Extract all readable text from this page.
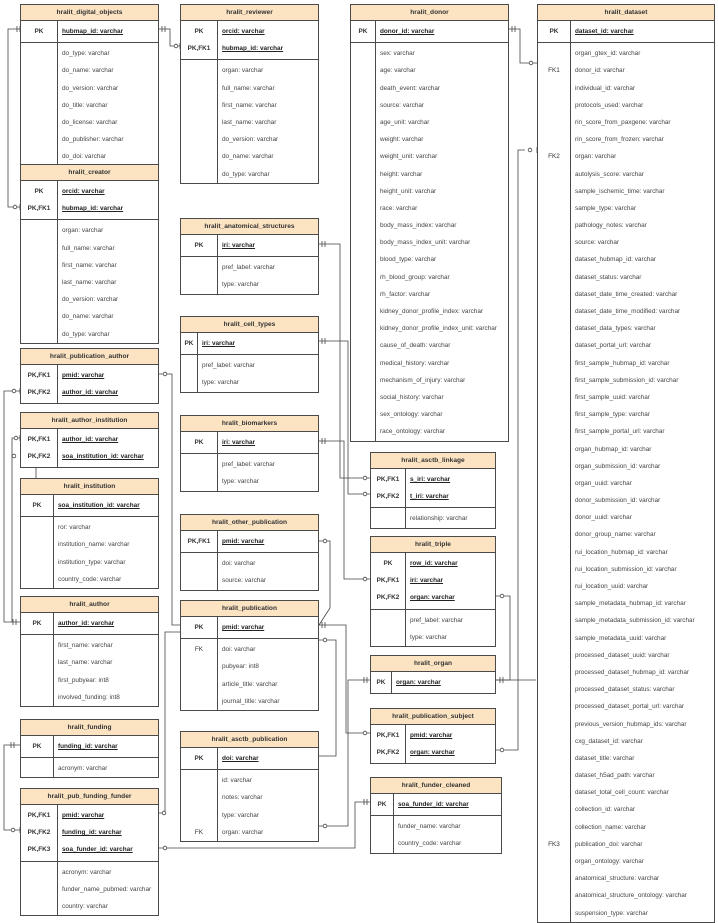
hralit_digital_objects
PK	hubmap_id: varchar
do_type: varchar
do_name: varchar
do_version: varchar
do_title: varchar
do_license: varchar
do_publisher: varchar
do_doi: varchar
hralit_creator
PK	orcid: varchar
PK,FK1	hubmap_id: varchar
organ: varchar
full_name: varchar
first_name: varchar
last_name: varchar
do_version: varchar
do_name: varchar
do_type: varchar
hralit_publication_author
PK,FK1	pmid: varchar
PK,FK2	author_id: varchar
hralit_author_institution
PK,FK1	author_id: varchar
PK,FK2	soa_institution_id: varchar
hralit_institution
PK	soa_institution_id: varchar
ror: varchar
institution_name: varchar
institution_type: varchar
country_code: varchar
hralit_author
PK	author_id: varchar
first_name: varchar
last_name: varchar
first_pubyear: int8
involved_funding: int8
hralit_funding
PK	funding_id: varchar
acronym: varchar
hralit_pub_funding_funder
PK,FK1	pmid: varchar
PK,FK2	funding_id: varchar
PK,FK3	soa_funder_id: varchar
acronym: varchar
funder_name_pubmed: varchar
country: varchar
hralit_reviewer
PK	orcid: varchar
PK,FK1	hubmap_id: varchar
organ: varchar
full_name: varchar
first_name: varchar
last_name: varchar
do_version: varchar
do_name: varchar
do_type: varchar
hralit_anatomical_structures
PK	iri: varchar
pref_label: varchar
type: varchar
hralit_cell_types
PK	iri: varchar
pref_label: varchar
type: varchar
hralit_biomarkers
PK	iri: varchar
pref_label: varchar
type: varchar
hralit_other_publication
PK,FK1	pmid: varchar
doi: varchar
source: varchar
hralit_publication
PK	pmid: varchar
FK	doi: varchar
pubyear: int8
article_title: varchar
journal_title: varchar
hralit_asctb_publication
PK	doi: varchar
id: varchar
notes: varchar
type: varchar
FK	organ: varchar
hralit_donor
PK	donor_id: varchar
sex: varchar
age: varchar
death_event: varchar
source: varchar
age_unit: varchar
weight: varchar
weight_unit: varchar
height: varchar
height_unit: varchar
race: varchar
body_mass_index: varchar
body_mass_index_unit: varchar
blood_type: varchar
rh_blood_group: varchar
rh_factor: varchar
kidney_donor_profile_index: varchar
kidney_donor_profile_index_unit: varchar
cause_of_death: varchar
medical_history: varchar
mechanism_of_injury: varchar
social_history: varchar
sex_ontology: varchar
race_ontology: varchar
hralit_asctb_linkage
PK,FK1	s_iri: varchar
PK,FK2	t_iri: varchar
relationship: varchar
hralit_triple
PK	row_id: varchar
PK,FK1	iri: varchar
PK,FK2	organ: varchar
pref_label: varchar
type: varchar
hralit_organ
PK	organ: varchar
hralit_publication_subject
PK,FK1	pmid: varchar
PK,FK2	organ: varchar
hralit_funder_cleaned
PK	soa_funder_id: varchar
funder_name: varchar
country_code: varchar
hralit_dataset
PK	dataset_id: varchar
organ_gtex_id: varchar
FK1	donor_id: varchar
individual_id: varchar
protocols_used: varchar
rin_score_from_paxgene: varchar
rin_score_from_frozen: varchar
FK2	organ: varchar
autolysis_score: varchar
sample_ischemic_time: varchar
sample_type: varchar
pathology_notes: varchar
source: varchar
dataset_hubmap_id: varchar
dataset_status: varchar
dataset_date_time_created: varchar
dataset_date_time_modified: varchar
dataset_data_types: varchar
dataset_portal_url: varchar
first_sample_hubmap_id: varchar
first_sample_submission_id: varchar
first_sample_uuid: varchar
first_sample_type: varchar
first_sample_portal_url: varchar
organ_hubmap_id: varchar
organ_submission_id: varchar
organ_uuid: varchar
donor_submission_id: varchar
donor_uuid: varchar
donor_group_name: varchar
rui_location_hubmap_id: varchar
rui_location_submission_id: varchar
rui_location_uuid: varchar
sample_metadata_hubmap_id: varchar
sample_metadata_submission_id: varchar
sample_metadata_uuid: varchar
processed_dataset_uuid: varchar
processed_dataset_hubmap_id: varchar
processed_dataset_status: varchar
processed_dataset_portal_url: varchar
previous_version_hubmap_ids: varchar
cxg_dataset_id: varchar
dataset_title: varchar
dataset_h5ad_path: varchar
dataset_total_cell_count: varchar
collection_id: varchar
collection_name: varchar
FK3	publication_doi: varchar
organ_ontology: varchar
anatomical_structure: varchar
anatomical_structure_ontology: varchar
suspension_type: varchar
